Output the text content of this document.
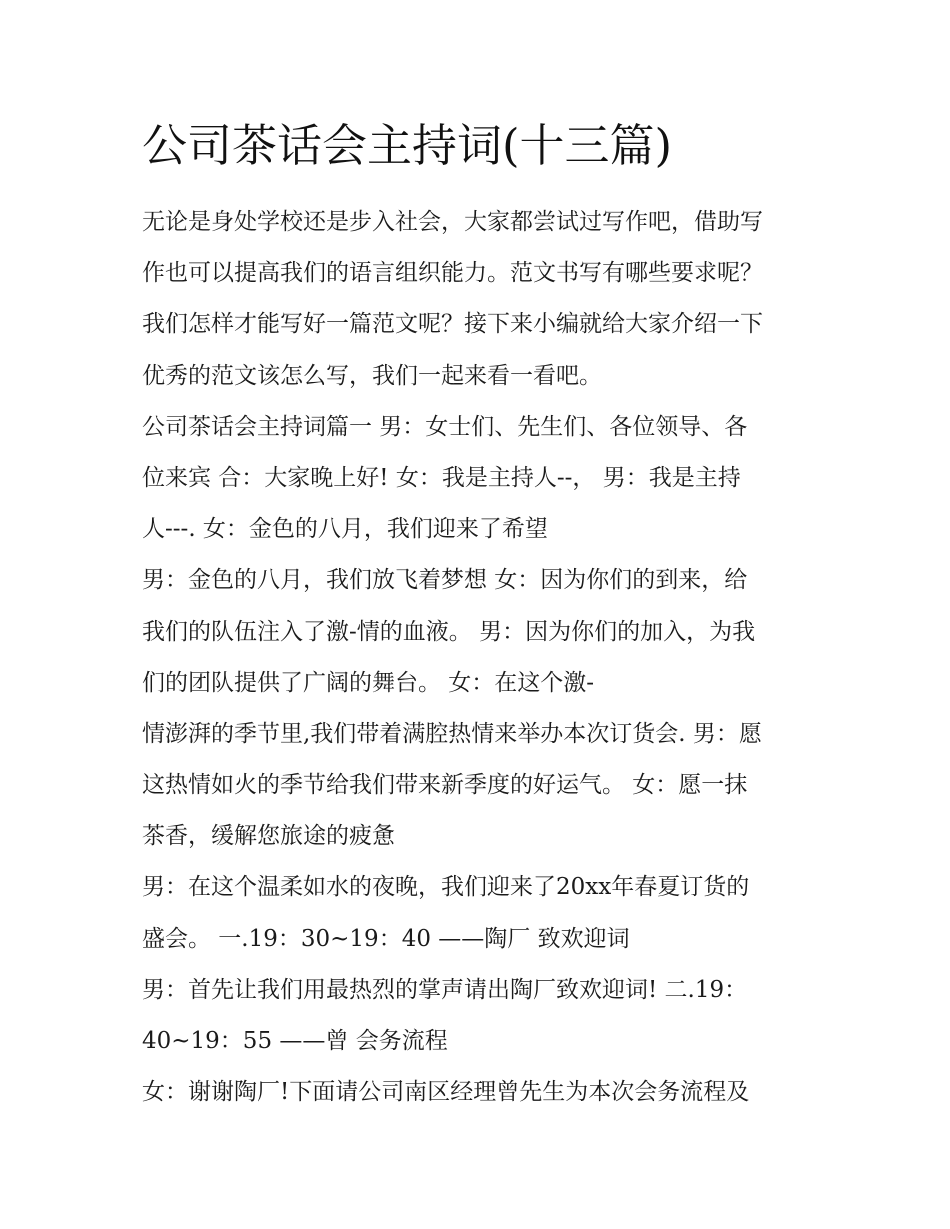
公司茶话会主持词(十三篇)
无论是身处学校还是步入社会，大家都尝试过写作吧，借助写
作也可以提高我们的语言组织能力。范文书写有哪些要求呢？
我们怎样才能写好一篇范文呢？接下来小编就给大家介绍一下
优秀的范文该怎么写，我们一起来看一看吧。
公司茶话会主持词篇一 男：女士们、先生们、各位领导、各
位来宾 合：大家晚上好! 女：我是主持人--， 男：我是主持
人---. 女：金色的八月，我们迎来了希望
男：金色的八月，我们放飞着梦想 女：因为你们的到来，给
我们的队伍注入了激-情的血液。 男：因为你们的加入，为我
们的团队提供了广阔的舞台。 女：在这个激-
情澎湃的季节里,我们带着满腔热情来举办本次订货会. 男：愿
这热情如火的季节给我们带来新季度的好运气。 女：愿一抹
茶香，缓解您旅途的疲惫
男：在这个温柔如水的夜晚，我们迎来了20xx年春夏订货的
盛会。 一.19：30~19：40 ——陶厂 致欢迎词
男：首先让我们用最热烈的掌声请出陶厂致欢迎词! 二.19：
40~19：55 ——曾 会务流程
女：谢谢陶厂!下面请公司南区经理曾先生为本次会务流程及
